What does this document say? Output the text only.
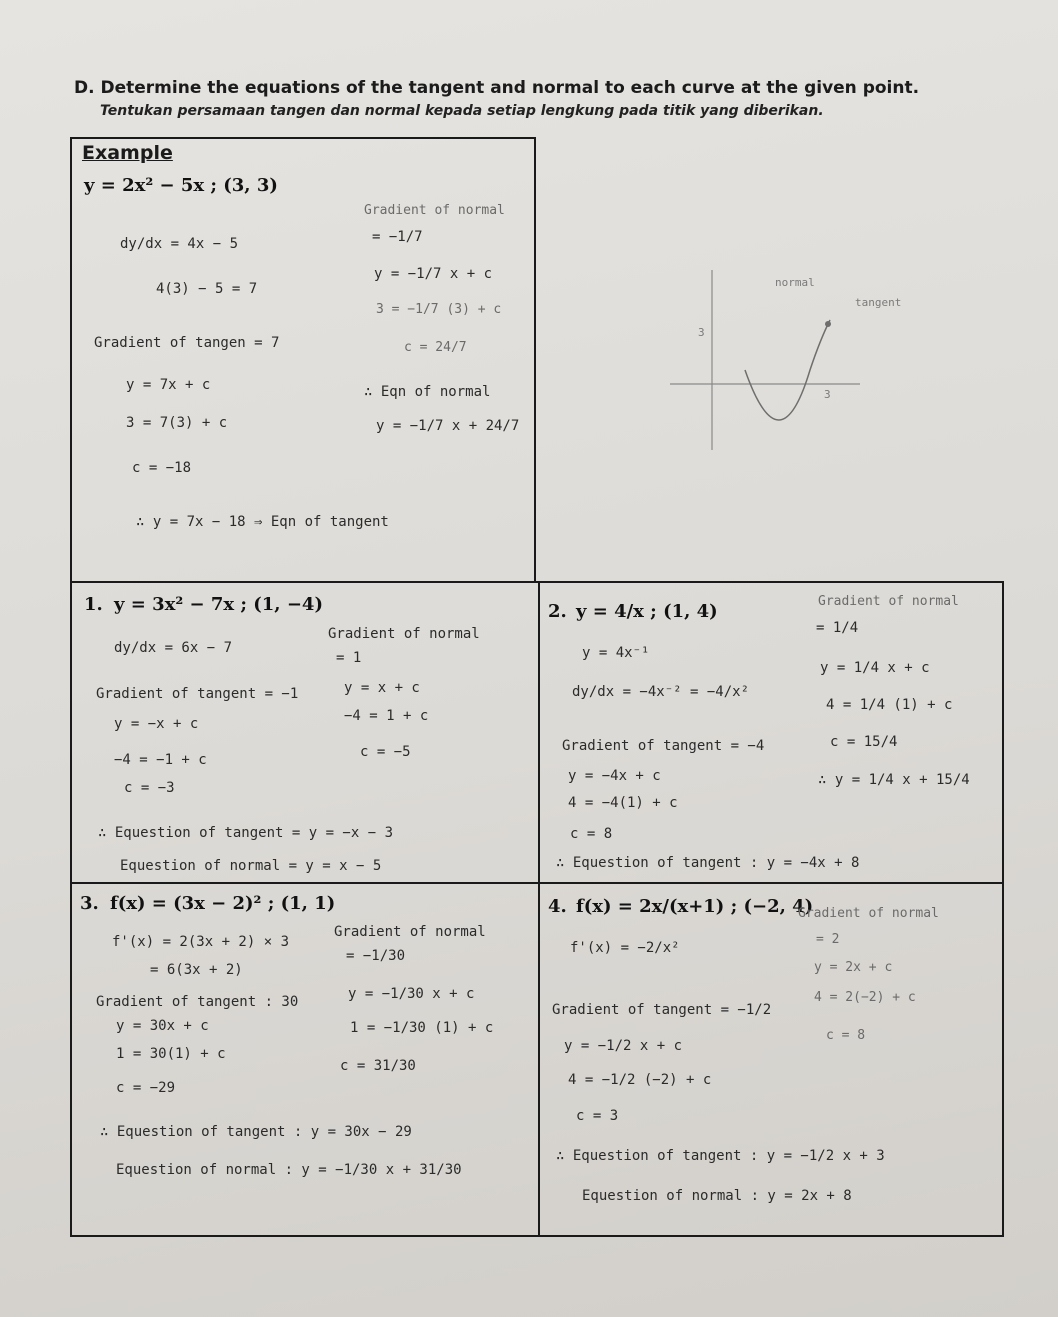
D. Determine the equations of the tangent and normal to each curve at the given point.
Tentukan persamaan tangen dan normal kepada setiap lengkung pada titik yang diberikan.
Example
y = 2x² − 5x ; (3, 3)
dy/dx = 4x − 5
4(3) − 5 = 7
Gradient of tangen = 7
y = 7x + c
3 = 7(3) + c
c = −18
∴ y = 7x − 18 ⇒ Eqn of tangent
Gradient of normal
= −1/7
y = −1/7 x + c
3 = −1/7 (3) + c
c = 24/7
∴ Eqn of normal
y = −1/7 x + 24/7
normal
tangent
3
3
1. y = 3x² − 7x ; (1, −4)
dy/dx = 6x − 7
Gradient of tangent = −1
y = −x + c
−4 = −1 + c
c = −3
Gradient of normal
= 1
y = x + c
−4 = 1 + c
c = −5
∴ Equestion of tangent = y = −x − 3
Equestion of normal = y = x − 5
2. y = 4/x ; (1, 4)
y = 4x⁻¹
dy/dx = −4x⁻² = −4/x²
Gradient of tangent = −4
y = −4x + c
4 = −4(1) + c
c = 8
Gradient of normal
= 1/4
y = 1/4 x + c
4 = 1/4 (1) + c
c = 15/4
∴ y = 1/4 x + 15/4
∴ Equestion of tangent : y = −4x + 8
3. f(x) = (3x − 2)² ; (1, 1)
f'(x) = 2(3x + 2) × 3
= 6(3x + 2)
Gradient of tangent : 30
y = 30x + c
1 = 30(1) + c
c = −29
Gradient of normal
= −1/30
y = −1/30 x + c
1 = −1/30 (1) + c
c = 31/30
∴ Equestion of tangent : y = 30x − 29
Equestion of normal : y = −1/30 x + 31/30
4. f(x) = 2x/(x+1) ; (−2, 4)
f'(x) = −2/x²
Gradient of tangent = −1/2
y = −1/2 x + c
4 = −1/2 (−2) + c
c = 3
Gradient of normal
= 2
y = 2x + c
4 = 2(−2) + c
c = 8
∴ Equestion of tangent : y = −1/2 x + 3
Equestion of normal : y = 2x + 8
